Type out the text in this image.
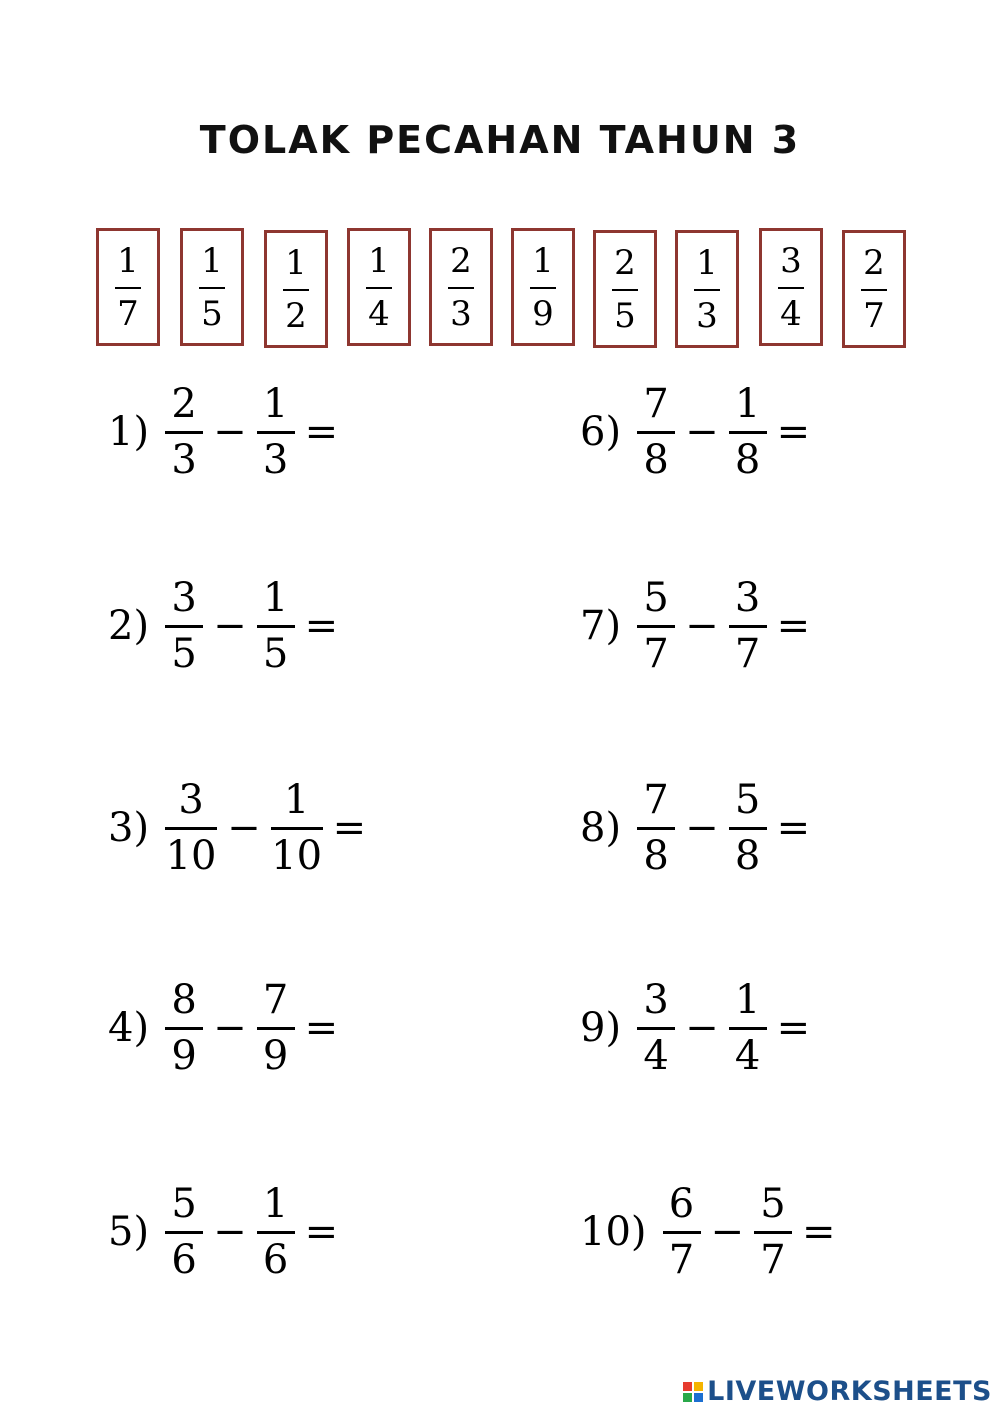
TOLAK PECAHAN TAHUN 3
$\frac{1}{7} \frac{1}{5} \frac{1}{2} \frac{1}{4} \frac{2}{3} \frac{1}{9} \frac{2}{5} \frac{1}{3} \frac{3}{4} \frac{2}{7}$
$1) \frac{2}{3} - \frac{1}{3}$ =
$2) \frac{3}{5} - \frac{1}{5}$ =
$3) \frac{3}{10} - \frac{1}{10}$ =
$4) \frac{8}{9} - \frac{7}{9}$ =
$5) \frac{5}{6} - \frac{1}{6}$ =
$6) \frac{7}{8} - \frac{1}{8}$ =
$7) \frac{5}{7} - \frac{3}{7}$ =
$8) \frac{7}{8} - \frac{5}{8}$ =
$9) \frac{3}{4} - \frac{1}{4}$ =
$10) \frac{6}{7} - \frac{5}{7}$ =
LIVEWORKSHEETS
